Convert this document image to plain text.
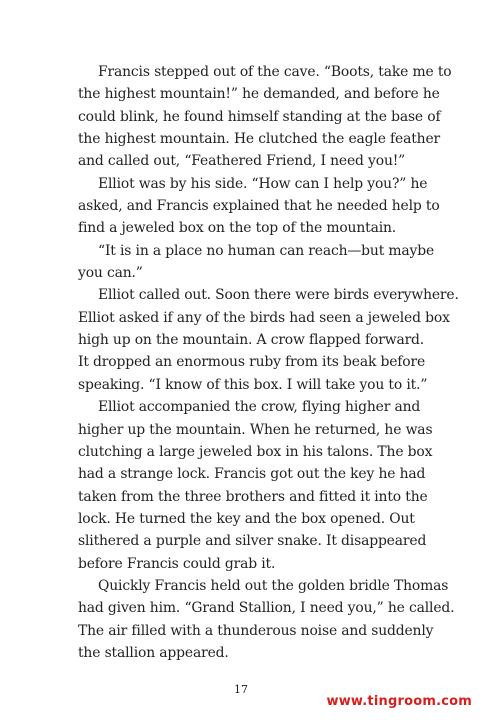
Francis stepped out of the cave. “Boots, take me to
the highest mountain!” he demanded, and before he
could blink, he found himself standing at the base of
the highest mountain. He clutched the eagle feather
and called out, “Feathered Friend, I need you!”
Elliot was by his side. “How can I help you?” he
asked, and Francis explained that he needed help to
find a jeweled box on the top of the mountain.
“It is in a place no human can reach—but maybe
you can.”
Elliot called out. Soon there were birds everywhere.
Elliot asked if any of the birds had seen a jeweled box
high up on the mountain. A crow flapped forward.
It dropped an enormous ruby from its beak before
speaking. “I know of this box. I will take you to it.”
Elliot accompanied the crow, flying higher and
higher up the mountain. When he returned, he was
clutching a large jeweled box in his talons. The box
had a strange lock. Francis got out the key he had
taken from the three brothers and fitted it into the
lock. He turned the key and the box opened. Out
slithered a purple and silver snake. It disappeared
before Francis could grab it.
Quickly Francis held out the golden bridle Thomas
had given him. “Grand Stallion, I need you,” he called.
The air filled with a thunderous noise and suddenly
the stallion appeared.
17
www.tingroom.com
